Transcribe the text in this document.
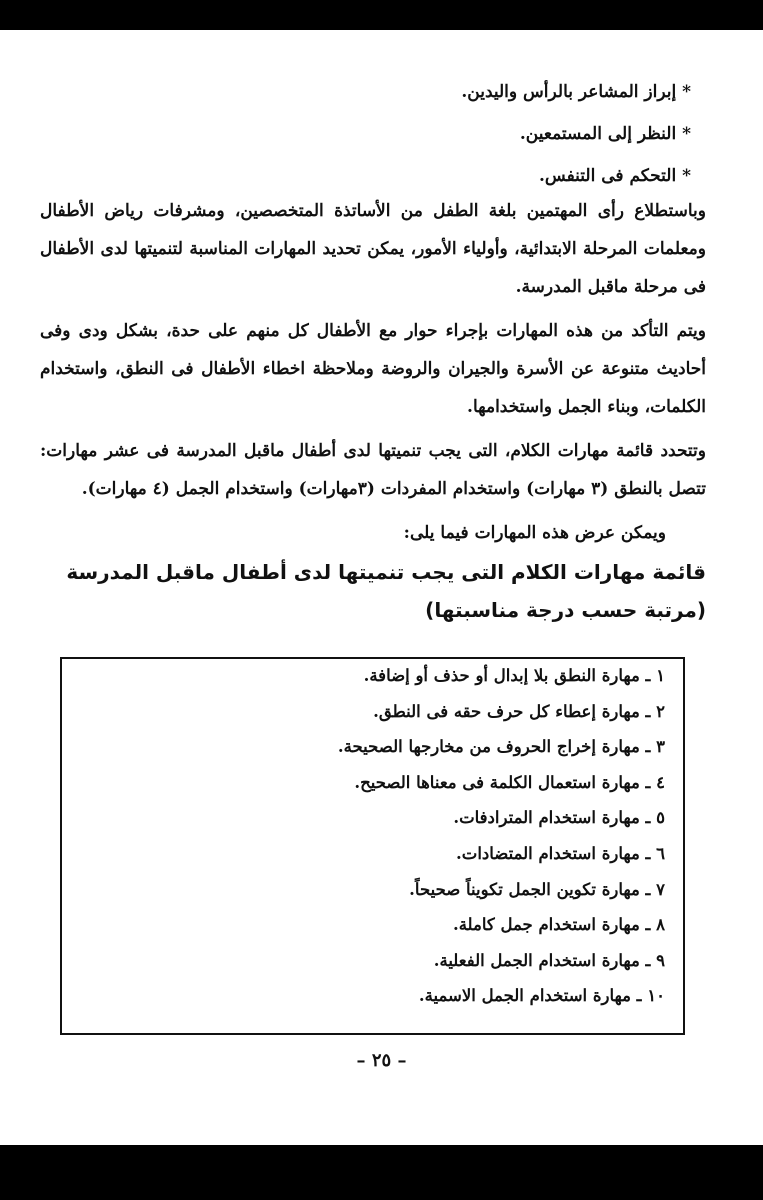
* إبراز المشاعر بالرأس واليدين.
* النظر إلى المستمعين.
* التحكم فى التنفس.

وباستطلاع رأى المهتمين بلغة الطفل من الأساتذة المتخصصين، ومشرفات رياض الأطفال ومعلمات المرحلة الابتدائية، وأولياء الأمور، يمكن تحديد المهارات المناسبة لتنميتها لدى الأطفال فى مرحلة ماقبل المدرسة.

ويتم التأكد من هذه المهارات بإجراء حوار مع الأطفال كل منهم على حدة، بشكل ودى وفى أحاديث متنوعة عن الأسرة والجيران والروضة وملاحظة اخطاء الأطفال فى النطق، واستخدام الكلمات، وبناء الجمل واستخدامها.

وتتحدد قائمة مهارات الكلام، التى يجب تنميتها لدى أطفال ماقبل المدرسة فى عشر مهارات: تتصل بالنطق (٣ مهارات) واستخدام المفردات (٣مهارات) واستخدام الجمل (٤ مهارات).

ويمكن عرض هذه المهارات فيما يلى:

قائمة مهارات الكلام التى يجب تنميتها لدى أطفال ماقبل المدرسة
(مرتبة حسب درجة مناسبتها)
١ ـ مهارة النطق بلا إبدال أو حذف أو إضافة.
٢ ـ مهارة إعطاء كل حرف حقه فى النطق.
٣ ـ مهارة إخراج الحروف من مخارجها الصحيحة.
٤ ـ مهارة استعمال الكلمة فى معناها الصحيح.
٥ ـ مهارة استخدام المترادفات.
٦ ـ مهارة استخدام المتضادات.
٧ ـ مهارة تكوين الجمل تكويناً صحيحاً.
٨ ـ مهارة استخدام جمل كاملة.
٩ ـ مهارة استخدام الجمل الفعلية.
١٠ ـ مهارة استخدام الجمل الاسمية.
– ٢٥ –
